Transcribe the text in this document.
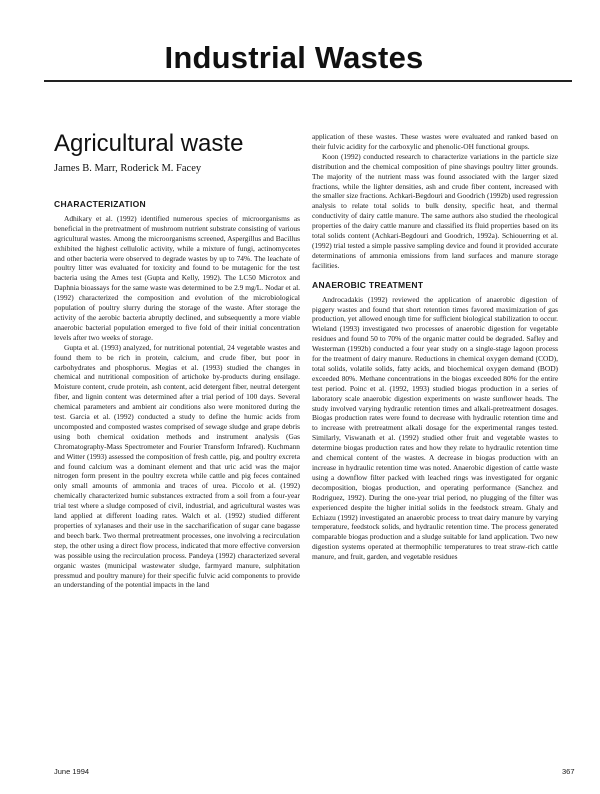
Industrial Wastes
Agricultural waste
James B. Marr, Roderick M. Facey
CHARACTERIZATION

Adhikary et al. (1992) identified numerous species of microorganisms as beneficial in the pretreatment of mushroom nutrient substrate consisting of various agricultural wastes. Among the microorganisms screened, Aspergillus and Bacillus exhibited the highest cellulolic activity, while a mixture of fungi, actinomycetes and other bacteria were observed to degrade wastes by up to 74%. The leachate of poultry litter was evaluated for toxicity and found to be mutagenic for the test bacteria using the Ames test (Gupta and Kelly, 1992). The LC50 Microtox and Daphnia bioassays for the same waste was determined to be 2.9 mg/L. Nodar et al. (1992) characterized the composition and evolution of the microbiological population of poultry slurry during the storage of the waste. After storage the activity of the aerobic bacteria abruptly declined, and subsequently a more viable anaerobic bacterial population emerged to five fold of their initial concentration levels after two weeks of storage.

Gupta et al. (1993) analyzed, for nutritional potential, 24 vegetable wastes and found them to be rich in protein, calcium, and crude fiber, but poor in carbohydrates and phosphorus. Megias et al. (1993) studied the changes in chemical and nutritional composition of artichoke by-products during ensilage. Moisture content, crude protein, ash content, acid detergent fiber, neutral detergent fiber, and lignin content was determined after a trial period of 100 days. Several chemical parameters and ambient air conditions also were monitored during the test. Garcia et al. (1992) conducted a study to define the humic acids from uncomposted and composted wastes comprised of sewage sludge and grape debris using both chemical oxidation methods and instrument analysis (Gas Chromatography-Mass Spectrometer and Fourier Transform Infrared). Kuchmann and Witter (1993) assessed the composition of fresh cattle, pig, and poultry excreta and found calcium was a dominant element and that uric acid was the major nitrogen form present in the poultry excreta while cattle and pig feces contained only small amounts of ammonia and traces of urea. Piccolo et al. (1992) chemically characterized humic substances extracted from a soil from a four-year trial test where a sludge composed of civil, industrial, and agricultural wastes was land applied at different loading rates. Walch et al. (1992) studied different properties of xylanases and their use in the saccharification of sugar cane bagasse and beech bark. Two thermal pretreatment processes, one involving a recirculation step, the other using a direct flow process, indicated that more effective conversion was possible using the recirculation process. Pandeya (1992) characterized several organic wastes (municipal wastewater sludge, farmyard manure, sulphitation pressmud and poultry manure) for their specific fulvic acid components to provide an understanding of the potential impacts in the land

application of these wastes. These wastes were evaluated and ranked based on their fulvic acidity for the carboxylic and phenolic-OH functional groups.

Koon (1992) conducted research to characterize variations in the particle size distribution and the chemical composition of pine shavings poultry litter grounds. The majority of the nutrient mass was found associated with the larger sized fractions, while the lighter densities, ash and crude fiber content, increased with the smaller size fractions. Achkari-Begdouri and Goodrich (1992b) used regression analysis to relate total solids to bulk density, specific heat, and thermal conductivity of dairy cattle manure. The same authors also studied the rheological properties of the dairy cattle manure and classified its fluid properties based on its total solids content (Achkari-Begdouri and Goodrich, 1992a). Schiouerring et al. (1992) trial tested a simple passive sampling device and found it provided accurate determinations of ammonia emissions from land surfaces and manure storage facilities.

ANAEROBIC TREATMENT

Androcadakis (1992) reviewed the application of anaerobic digestion of piggery wastes and found that short retention times favored maximization of gas production, yet allowed enough time for sufficient biological stabilization to occur. Wieland (1993) investigated two processes of anaerobic digestion for vegetable residues and found 50 to 70% of the organic matter could be degraded. Safley and Westerman (1992b) conducted a four year study on a single-stage lagoon process for the treatment of dairy manure. Reductions in chemical oxygen demand (COD), total solids, volatile solids, fatty acids, and biochemical oxygen demand (BOD) exceeded 80%. Methane concentrations in the biogas exceeded 80% for the entire test period. Poinc et al. (1992, 1993) studied biogas production in a series of laboratory scale anaerobic digestion experiments on waste sunflower heads. The study involved varying hydraulic retention times and alkali-pretreatment dosages. Biogas production rates were found to decrease with hydraulic retention time and to increase with pretreatment alkali dosage for the experimental ranges tested. Similarly, Viswanath et al. (1992) studied other fruit and vegetable wastes to determine biogas production rates and how they relate to hydraulic retention time and chemical content of the wastes. A decrease in biogas production with an increase in hydraulic retention time was noted. Anaerobic digestion of cattle waste using a downflow filter packed with leached rings was investigated for organic decomposition, biogas production, and operating performance (Sanchez and Rodriguez, 1992). During the one-year trial period, no plugging of the filter was experienced despite the higher initial solids in the feedstock stream. Ghaly and Echiazu (1992) investigated an anaerobic process to treat dairy manure by varying temperature, feedstock solids, and hydraulic retention time. The process generated comparable biogas production and a sludge suitable for land application. Two new digestion systems operated at thermophilic temperatures to treat straw-rich cattle manure, and fruit, garden, and vegetable residues

June 1994	367
